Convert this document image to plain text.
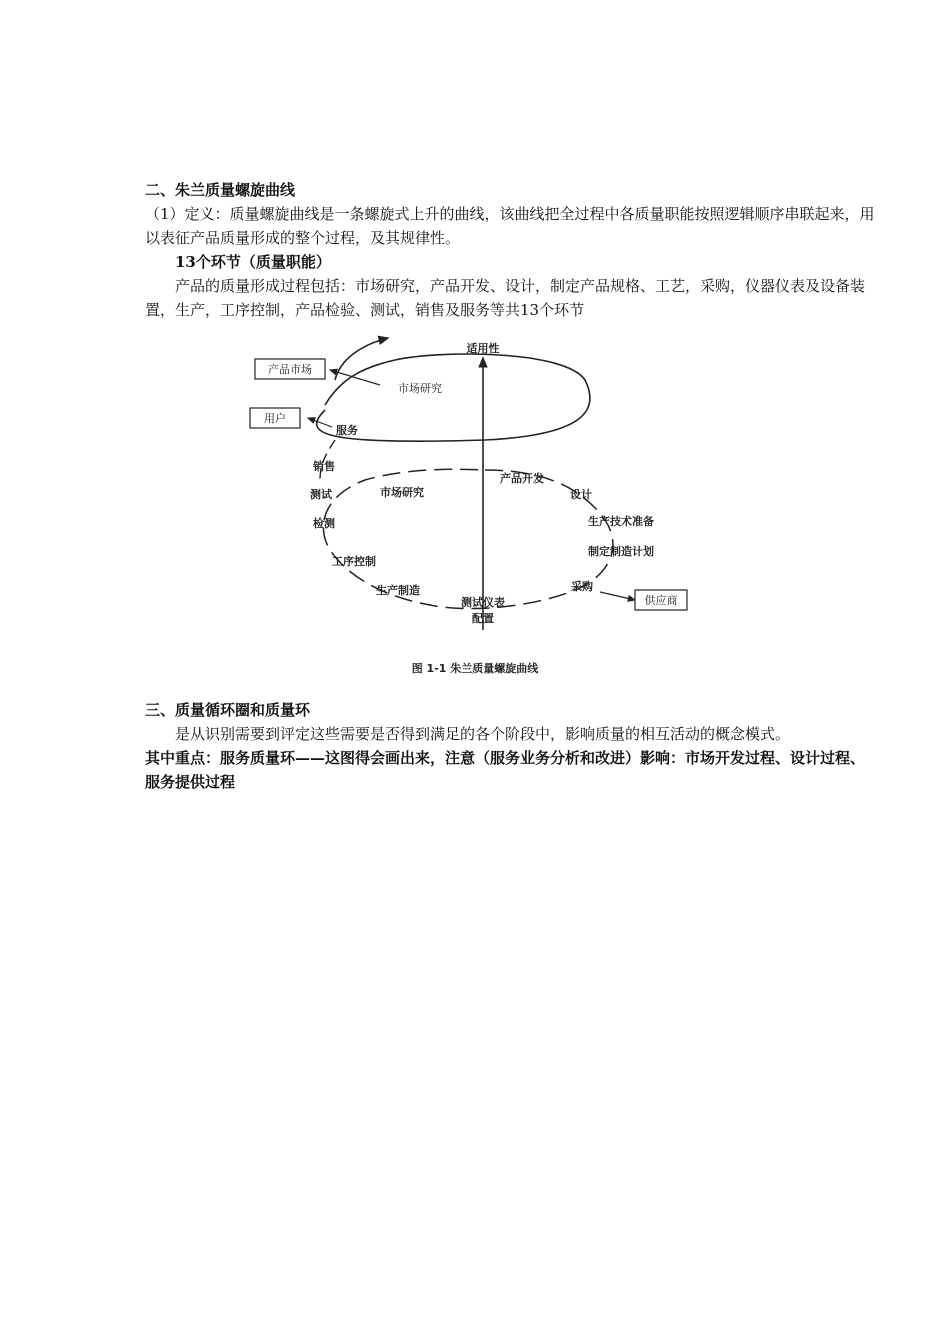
二、朱兰质量螺旋曲线

（1）定义：质量螺旋曲线是一条螺旋式上升的曲线，该曲线把全过程中各质量职能按照逻辑顺序串联起来，用以表征产品质量形成的整个过程，及其规律性。

13个环节（质量职能）

产品的质量形成过程包括：市场研究，产品开发、设计，制定产品规格、工艺，采购，仪器仪表及设备装置，生产，工序控制，产品检验、测试，销售及服务等共13个环节

适用性
产品市场
市场研究
用户
服务
销售
测试
检测
工序控制
生产制造
测试仪表
配置
采购
供应商
制定制造计划
生产技术准备
设计
产品开发
市场研究
图 1-1 朱兰质量螺旋曲线
三、质量循环圈和质量环

是从识别需要到评定这些需要是否得到满足的各个阶段中，影响质量的相互活动的概念模式。

其中重点：服务质量环——这图得会画出来，注意（服务业务分析和改进）影响：市场开发过程、设计过程、服务提供过程
